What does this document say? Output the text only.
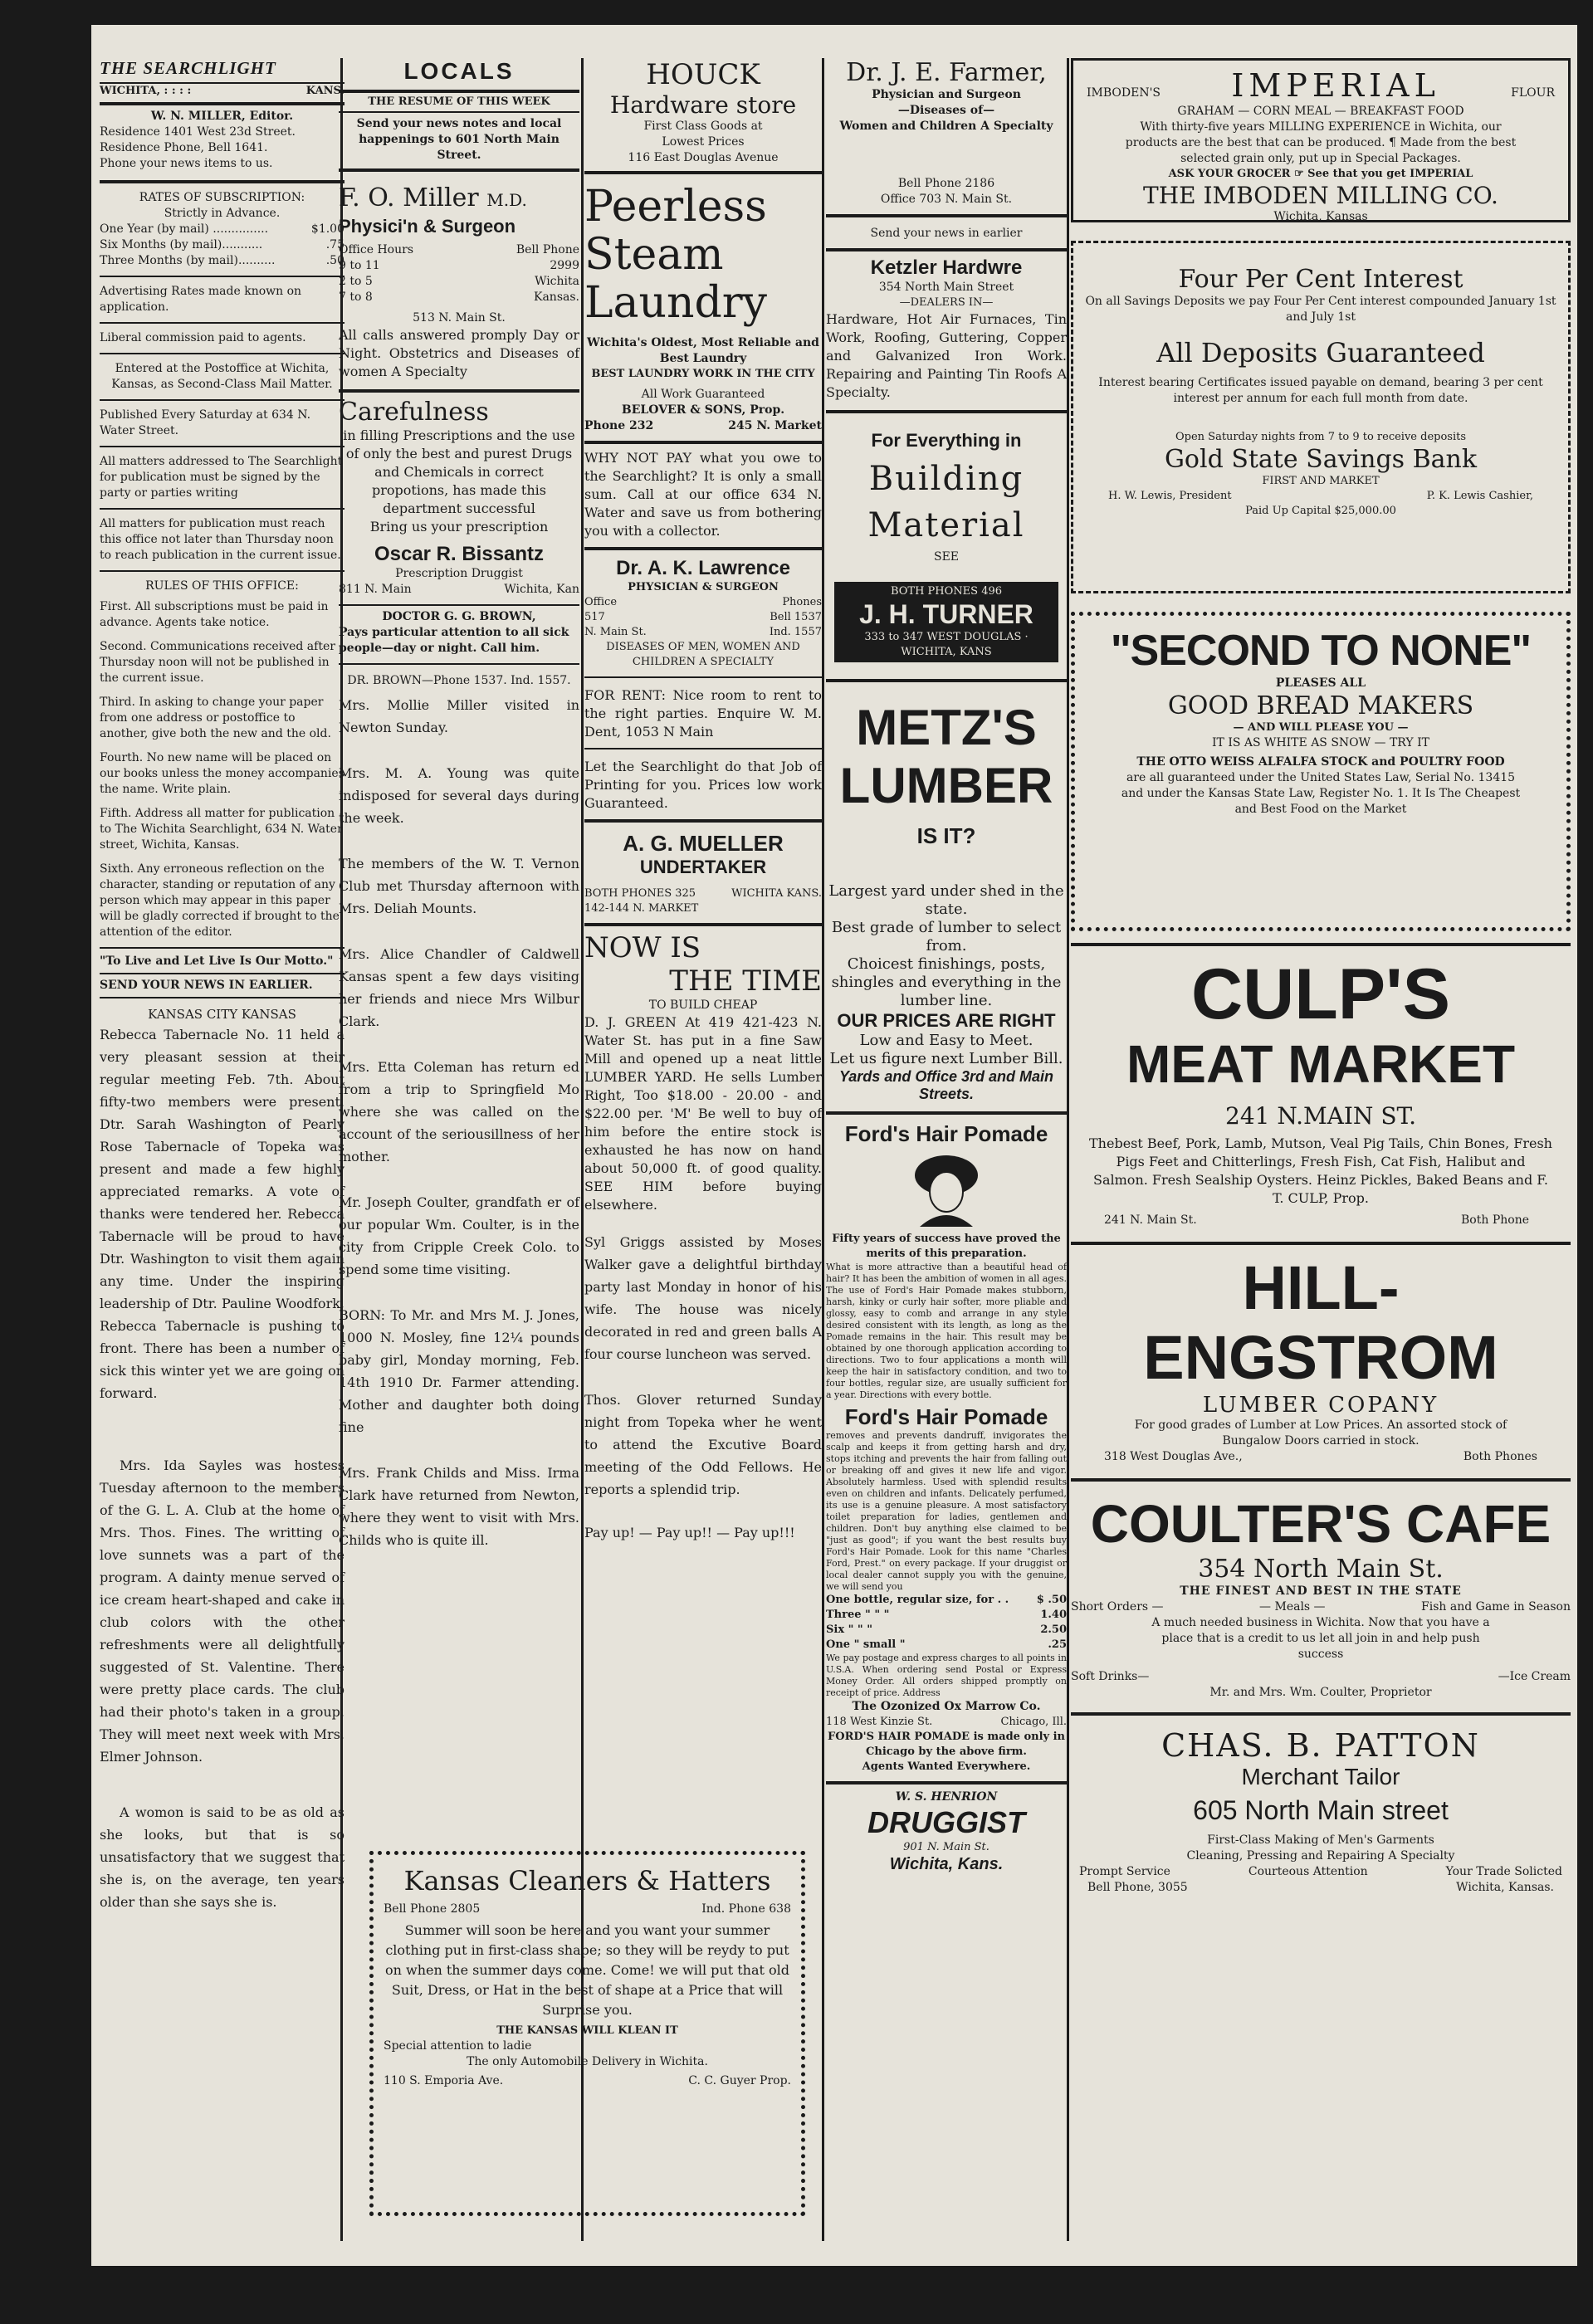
THE SEARCHLIGHT
WICHITA, : : : :	KANS.
W. N. MILLER, Editor.
Residence 1401 West 23d Street.
Residence Phone, Bell 1641.
Phone your news items to us.
RATES OF SUBSCRIPTION:
Strictly in Advance.
One Year (by mail) ...............	$1.00
Six Months (by mail)...........	.75
Three Months (by mail)..........	.50
Advertising Rates made known on application.
Liberal commission paid to agents.
Entered at the Postoffice at Wichita, Kansas, as Second-Class Mail Matter.
Published Every Saturday at 634 N. Water Street.
All matters addressed to The Searchlight for publication must be signed by the party or parties writing
All matters for publication must reach this office not later than Thursday noon to reach publication in the current issue.
RULES OF THIS OFFICE:
First. All subscriptions must be paid in advance. Agents take notice.
Second. Communications received after Thursday noon will not be published in the current issue.
Third. In asking to change your paper from one address or postoffice to another, give both the new and the old.
Fourth. No new name will be placed on our books unless the money accompanies the name. Write plain.
Fifth. Address all matter for publication to The Wichita Searchlight, 634 N. Water street, Wichita, Kansas.
Sixth. Any erroneous reflection on the character, standing or reputation of any person which may appear in this paper will be gladly corrected if brought to the attention of the editor.
"To Live and Let Live Is Our Motto."
SEND YOUR NEWS IN EARLIER.
KANSAS CITY KANSAS
Rebecca Tabernacle No. 11 held a very pleasant session at their regular meeting Feb. 7th. About fifty-two members were present. Dtr. Sarah Washington of Pearly Rose Tabernacle of Topeka was present and made a few highly appreciated remarks. A vote of thanks were tendered her. Rebecca Tabernacle will be proud to have Dtr. Washington to visit them again any time. Under the inspiring leadership of Dtr. Pauline Woodfork, Rebecca Tabernacle is pushing to front. There has been a number of sick this winter yet we are going on forward.
Mrs. Ida Sayles was hostess Tuesday afternoon to the members of the G. L. A. Club at the home of Mrs. Thos. Fines. The writting of love sunnets was a part of the program. A dainty menue served of ice cream heart-shaped and cake in club colors with the other refreshments were all delightfully suggested of St. Valentine. There were pretty place cards. The club had their photo's taken in a group. They will meet next week with Mrs. Elmer Johnson.
A womon is said to be as old as she looks, but that is so unsatisfactory that we suggest that she is, on the average, ten years older than she says she is.
LOCALS
THE RESUME OF THIS WEEK
Send your news notes and local happenings to 601 North Main Street.
F. O. Miller M.D.
Physici'n & Surgeon
Office Hours	Bell Phone
9 to 11	2999
2 to 5	Wichita
7 to 8	Kansas.
513 N. Main St.
All calls answered promply Day or Night. Obstetrics and Diseases of women A Specialty
Carefulness
in filling Prescriptions and the use of only the best and purest Drugs and Chemicals in correct propotions, has made this department successful
Bring us your prescription
Oscar R. Bissantz
Prescription Druggist
811 N. Main	Wichita, Kan
DOCTOR G. G. BROWN,
Pays particular attention to all sick people—day or night. Call him.
DR. BROWN—Phone 1537. Ind. 1557.
Mrs. Mollie Miller visited in Newton Sunday.
Mrs. M. A. Young was quite indisposed for several days during the week.
The members of the W. T. Vernon Club met Thursday afternoon with Mrs. Deliah Mounts.
Mrs. Alice Chandler of Caldwell Kansas spent a few days visiting her friends and niece Mrs Wilbur Clark.
Mrs. Etta Coleman has return ed from a trip to Springfield Mo where she was called on the account of the seriousillness of her mother.
Mr. Joseph Coulter, grandfath er of our popular Wm. Coulter, is in the city from Cripple Creek Colo. to spend some time visiting.
BORN: To Mr. and Mrs M. J. Jones, 1000 N. Mosley, fine 12¼ pounds baby girl, Monday morning, Feb. 14th 1910 Dr. Farmer attending. Mother and daughter both doing fine
Mrs. Frank Childs and Miss. Irma Clark have returned from Newton, where they went to visit with Mrs. Childs who is quite ill.
HOUCK
Hardware store
First Class Goods at
Lowest Prices
116 East Douglas Avenue
Peerless
Steam
Laundry
Wichita's Oldest, Most Reliable and Best Laundry
BEST LAUNDRY WORK IN THE CITY
All Work Guaranteed
BELOVER & SONS, Prop.
Phone 232	245 N. Market
WHY NOT PAY what you owe to the Searchlight? It is only a small sum. Call at our office 634 N. Water and save us from bothering you with a collector.
Dr. A. K. Lawrence
PHYSICIAN & SURGEON
Office	Phones
517	Bell 1537
N. Main St.	Ind. 1557
DISEASES OF MEN, WOMEN AND CHILDREN A SPECIALTY
FOR RENT: Nice room to rent to the right parties. Enquire W. M. Dent, 1053 N Main
Let the Searchlight do that Job of Printing for you. Prices low work Guaranteed.
A. G. MUELLER
UNDERTAKER
BOTH PHONES 325	WICHITA KANS.
142-144 N. MARKET
NOW IS
THE TIME
TO BUILD CHEAP
D. J. GREEN At 419 421-423 N. Water St. has put in a fine Saw Mill and opened up a neat little LUMBER YARD. He sells Lumber Right, Too $18.00 - 20.00 - and $22.00 per. 'M' Be well to buy of him before the entire stock is exhausted he has now on hand about 50,000 ft. of good quality. SEE HIM before buying elsewhere.
Syl Griggs assisted by Moses Walker gave a delightful birthday party last Monday in honor of his wife. The house was nicely decorated in red and green balls A four course luncheon was served.
Thos. Glover returned Sunday night from Topeka wher he went to attend the Excutive Board meeting of the Odd Fellows. He reports a splendid trip.
Pay up! — Pay up!! — Pay up!!!
Kansas Cleaners & Hatters
Bell Phone 2805	Ind. Phone 638
Summer will soon be here and you want your summer clothing put in first-class shape; so they will be reydy to put on when the summer days come. Come! we will put that old Suit, Dress, or Hat in the best of shape at a Price that will Surprise you.
THE KANSAS WILL KLEAN IT
Special attention to ladie
The only Automobile Delivery in Wichita.
110 S. Emporia Ave.	C. C. Guyer Prop.
Dr. J. E. Farmer,
Physician and Surgeon
—Diseases of—
Women and Children A Specialty
Bell Phone 2186
Office 703 N. Main St.
Send your news in earlier
Ketzler Hardwre
354 North Main Street
—DEALERS IN—
Hardware, Hot Air Furnaces, Tin Work, Roofing, Guttering, Copper and Galvanized Iron Work. Repairing and Painting Tin Roofs A Specialty.
For Everything in
Building
Material
SEE
BOTH PHONES 496
J. H. TURNER
333 to 347 WEST DOUGLAS · WICHITA, KANS
METZ'S
LUMBER
IS IT?
Largest yard under shed in the state.
Best grade of lumber to select from.
Choicest finishings, posts, shingles and everything in the lumber line.
OUR PRICES ARE RIGHT
Low and Easy to Meet.
Let us figure next Lumber Bill.
Yards and Office 3rd and Main Streets.
Ford's Hair Pomade
Fifty years of success have proved the merits of this preparation.
What is more attractive than a beautiful head of hair? It has been the ambition of women in all ages. The use of Ford's Hair Pomade makes stubborn, harsh, kinky or curly hair softer, more pliable and glossy, easy to comb and arrange in any style desired consistent with its length, as long as the Pomade remains in the hair. This result may be obtained by one thorough application according to directions. Two to four applications a month will keep the hair in satisfactory condition, and two to four bottles, regular size, are usually sufficient for a year. Directions with every bottle.
Ford's Hair Pomade
removes and prevents dandruff, invigorates the scalp and keeps it from getting harsh and dry, stops itching and prevents the hair from falling out or breaking off and gives it new life and vigor. Absolutely harmless. Used with splendid results even on children and infants. Delicately perfumed, its use is a genuine pleasure. A most satisfactory toilet preparation for ladies, gentlemen and children. Don't buy anything else claimed to be "just as good"; if you want the best results buy Ford's Hair Pomade. Look for this name "Charles Ford, Prest." on every package. If your druggist or local dealer cannot supply you with the genuine, we will send you
One bottle, regular size, for . .	$ .50
Three " " "	1.40
Six " " "	2.50
One " small "	.25
We pay postage and express charges to all points in U.S.A. When ordering send Postal or Express Money Order. All orders shipped promptly on receipt of price. Address
The Ozonized Ox Marrow Co.
118 West Kinzie St.	Chicago, Ill.
FORD'S HAIR POMADE is made only in Chicago by the above firm.
Agents Wanted Everywhere.
W. S. HENRION
DRUGGIST
901 N. Main St.
Wichita, Kans.
IMBODEN'S IMPERIAL	FLOUR
GRAHAM — CORN MEAL — BREAKFAST FOOD
With thirty-five years MILLING EXPERIENCE in Wichita, our products are the best that can be produced. ¶ Made from the best selected grain only, put up in Special Packages.
ASK YOUR GROCER ☞ See that you get IMPERIAL
THE IMBODEN MILLING CO.
Wichita, Kansas
Four Per Cent Interest
On all Savings Deposits we pay Four Per Cent interest compounded January 1st and July 1st
All Deposits Guaranteed
Interest bearing Certificates issued payable on demand, bearing 3 per cent interest per annum for each full month from date.
Open Saturday nights from 7 to 9 to receive deposits
Gold State Savings Bank
FIRST AND MARKET
H. W. Lewis, President	P. K. Lewis Cashier,
Paid Up Capital $25,000.00
"SECOND TO NONE"
PLEASES ALL
GOOD BREAD MAKERS
— AND WILL PLEASE YOU —
IT IS AS WHITE AS SNOW — TRY IT
THE OTTO WEISS ALFALFA STOCK and POULTRY FOOD
are all guaranteed under the United States Law, Serial No. 13415 and under the Kansas State Law, Register No. 1. It Is The Cheapest and Best Food on the Market
CULP'S
MEAT MARKET
241 N.MAIN ST.
Thebest Beef, Pork, Lamb, Mutson, Veal Pig Tails, Chin Bones, Fresh Pigs Feet and Chitterlings, Fresh Fish, Cat Fish, Halibut and Salmon. Fresh Sealship Oysters. Heinz Pickles, Baked Beans and F. T. CULP, Prop.
241 N. Main St.	Both Phone
HILL-ENGSTROM
LUMBER COPANY
For good grades of Lumber at Low Prices. An assorted stock of Bungalow Doors carried in stock.
318 West Douglas Ave.,	Both Phones
COULTER'S CAFE
354 North Main St.
THE FINEST AND BEST IN THE STATE
Short Orders —	— Meals —	Fish and Game in Season
A much needed business in Wichita. Now that you have a place that is a credit to us let all join in and help push success
Soft Drinks—	—Ice Cream
Mr. and Mrs. Wm. Coulter, Proprietor
CHAS. B. PATTON
Merchant Tailor
605 North Main street
First-Class Making of Men's Garments
Cleaning, Pressing and Repairing A Specialty
Prompt Service	Courteous Attention	Your Trade Solicted
Bell Phone, 3055	Wichita, Kansas.
